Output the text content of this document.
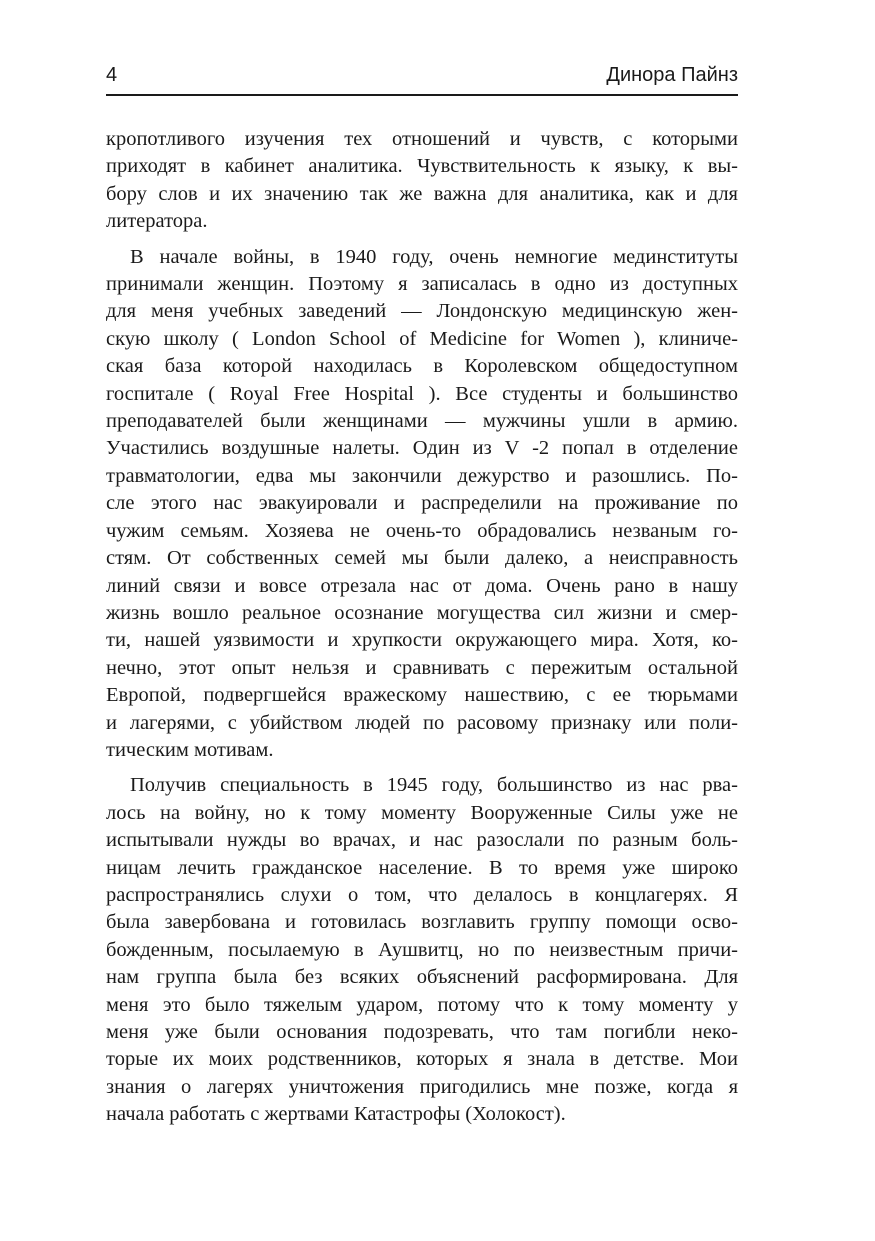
4	Динора Пайнз

кропотливого изучения тех отношений и чувств, с которыми
приходят в кабинет аналитика. Чувствительность к языку, к вы-
бору слов и их значению так же важна для аналитика, как и для
литератора.

В начале войны, в 1940 году, очень немногие мединституты
принимали женщин. Поэтому я записалась в одно из доступных
для меня учебных заведений — Лондонскую медицинскую жен-
скую школу ( London School of Medicine for Women ), клиниче-
ская база которой находилась в Королевском общедоступном
госпитале ( Royal Free Hospital ). Все студенты и большинство
преподавателей были женщинами — мужчины ушли в армию.
Участились воздушные налеты. Один из V -2 попал в отделение
травматологии, едва мы закончили дежурство и разошлись. По-
сле этого нас эвакуировали и распределили на проживание по
чужим семьям. Хозяева не очень-то обрадовались незваным го-
стям. От собственных семей мы были далеко, а неисправность
линий связи и вовсе отрезала нас от дома. Очень рано в нашу
жизнь вошло реальное осознание могущества сил жизни и смер-
ти, нашей уязвимости и хрупкости окружающего мира. Хотя, ко-
нечно, этот опыт нельзя и сравнивать с пережитым остальной
Европой, подвергшейся вражескому нашествию, с ее тюрьмами
и лагерями, с убийством людей по расовому признаку или поли-
тическим мотивам.

Получив специальность в 1945 году, большинство из нас рва-
лось на войну, но к тому моменту Вооруженные Силы уже не
испытывали нужды во врачах, и нас разослали по разным боль-
ницам лечить гражданское население. В то время уже широко
распространялись слухи о том, что делалось в концлагерях. Я
была завербована и готовилась возглавить группу помощи осво-
божденным, посылаемую в Аушвитц, но по неизвестным причи-
нам группа была без всяких объяснений расформирована. Для
меня это было тяжелым ударом, потому что к тому моменту у
меня уже были основания подозревать, что там погибли неко-
торые их моих родственников, которых я знала в детстве. Мои
знания о лагерях уничтожения пригодились мне позже, когда я
начала работать с жертвами Катастрофы (Холокост).
